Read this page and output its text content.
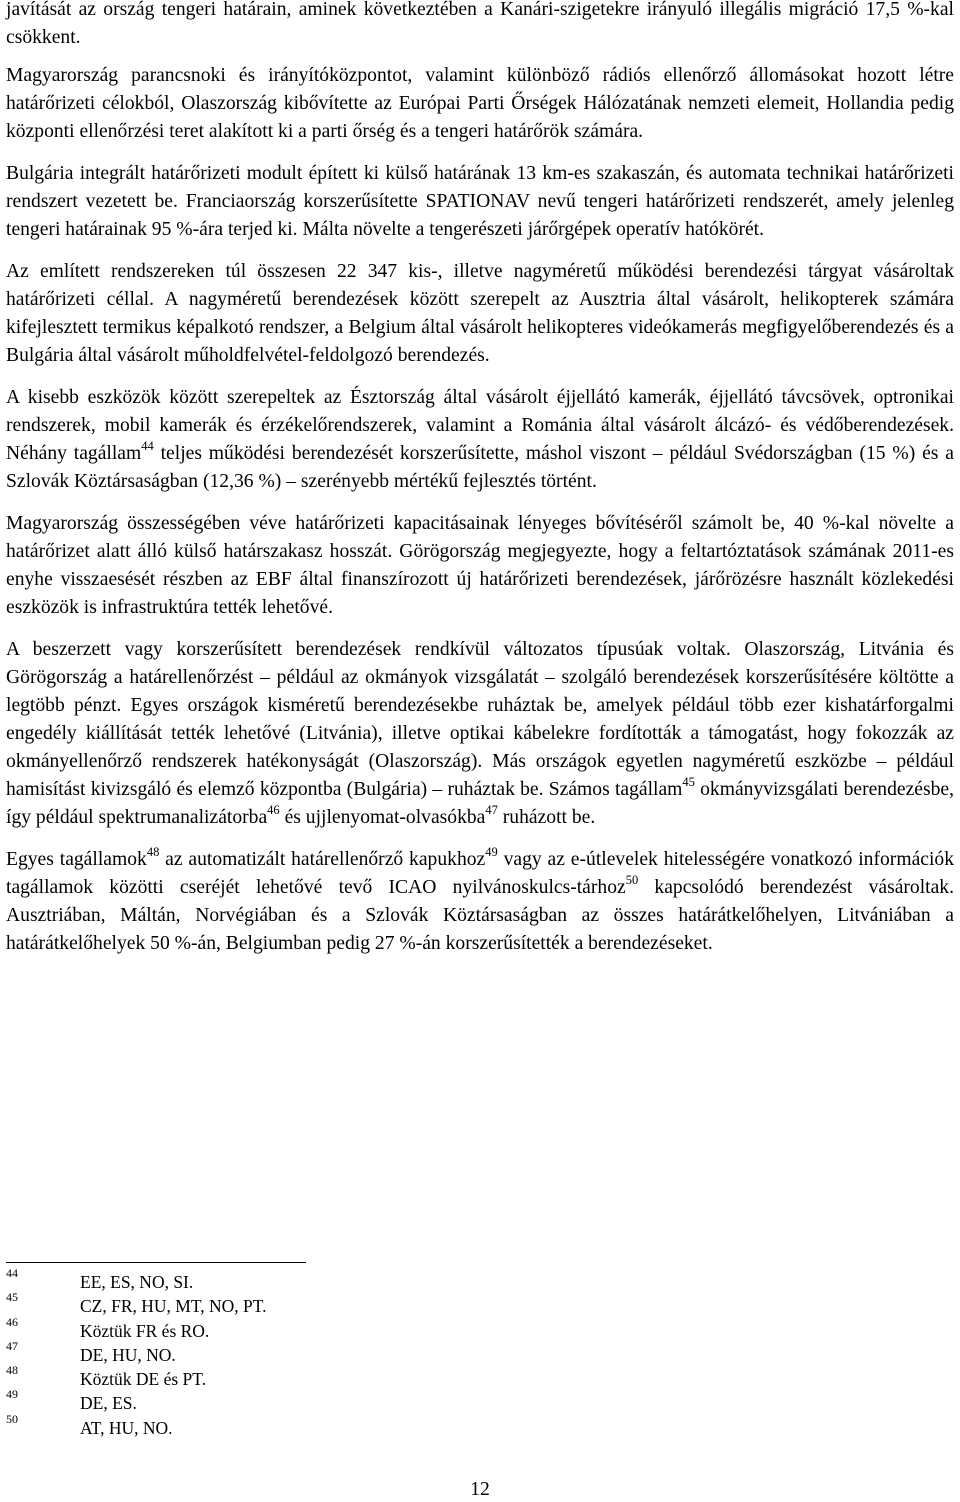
javítását az ország tengeri határain, aminek következtében a Kanári-szigetekre irányuló illegális migráció 17,5 %-kal csökkent.

Magyarország parancsnoki és irányítóközpontot, valamint különböző rádiós ellenőrző állomásokat hozott létre határőrizeti célokból, Olaszország kibővítette az Európai Parti Őrségek Hálózatának nemzeti elemeit, Hollandia pedig központi ellenőrzési teret alakított ki a parti őrség és a tengeri határőrök számára.

Bulgária integrált határőrizeti modult épített ki külső határának 13 km-es szakaszán, és automata technikai határőrizeti rendszert vezetett be. Franciaország korszerűsítette SPATIONAV nevű tengeri határőrizeti rendszerét, amely jelenleg tengeri határainak 95 %-ára terjed ki. Málta növelte a tengerészeti járőrgépek operatív hatókörét.

Az említett rendszereken túl összesen 22 347 kis-, illetve nagyméretű működési berendezési tárgyat vásároltak határőrizeti céllal. A nagyméretű berendezések között szerepelt az Ausztria által vásárolt, helikopterek számára kifejlesztett termikus képalkotó rendszer, a Belgium által vásárolt helikopteres videókamerás megfigyelőberendezés és a Bulgária által vásárolt műholdfelvétel-feldolgozó berendezés.

A kisebb eszközök között szerepeltek az Észtország által vásárolt éjjellátó kamerák, éjjellátó távcsövek, optronikai rendszerek, mobil kamerák és érzékelőrendszerek, valamint a Románia által vásárolt álcázó- és védőberendezések. Néhány tagállam$^{44}$ teljes működési berendezését korszerűsítette, máshol viszont – például Svédországban (15 %) és a Szlovák Köztársaságban (12,36 %) – szerényebb mértékű fejlesztés történt.

Magyarország összességében véve határőrizeti kapacitásainak lényeges bővítéséről számolt be, 40 %-kal növelte a határőrizet alatt álló külső határszakasz hosszát. Görögország megjegyezte, hogy a feltartóztatások számának 2011-es enyhe visszaesését részben az EBF által finanszírozott új határőrizeti berendezések, járőrözésre használt közlekedési eszközök is infrastruktúra tették lehetővé.

A beszerzett vagy korszerűsített berendezések rendkívül változatos típusúak voltak. Olaszország, Litvánia és Görögország a határellenőrzést – például az okmányok vizsgálatát – szolgáló berendezések korszerűsítésére költötte a legtöbb pénzt. Egyes országok kisméretű berendezésekbe ruháztak be, amelyek például több ezer kishatárforgalmi engedély kiállítását tették lehetővé (Litvánia), illetve optikai kábelekre fordították a támogatást, hogy fokozzák az okmányellenőrző rendszerek hatékonyságát (Olaszország). Más országok egyetlen nagyméretű eszközbe – például hamisítást kivizsgáló és elemző központba (Bulgária) – ruháztak be. Számos tagállam$^{45}$ okmányvizsgálati berendezésbe, így például spektrumanalizátorba$^{46}$ és ujjlenyomat-olvasókba$^{47}$ ruházott be.

Egyes tagállamok$^{48}$ az automatizált határellenőrző kapukhoz$^{49}$ vagy az e-útlevelek hitelességére vonatkozó információk tagállamok közötti cseréjét lehetővé tevő ICAO nyilvánoskulcs-tárhoz$^{50}$ kapcsolódó berendezést vásároltak. Ausztriában, Máltán, Norvégiában és a Szlovák Köztársaságban az összes határátkelőhelyen, Litvániában a határátkelőhelyek 50 %-án, Belgiumban pedig 27 %-án korszerűsítették a berendezéseket.

44	EE, ES, NO, SI.
45	CZ, FR, HU, MT, NO, PT.
46	Köztük FR és RO.
47	DE, HU, NO.
48	Köztük DE és PT.
49	DE, ES.
50	AT, HU, NO.
12
